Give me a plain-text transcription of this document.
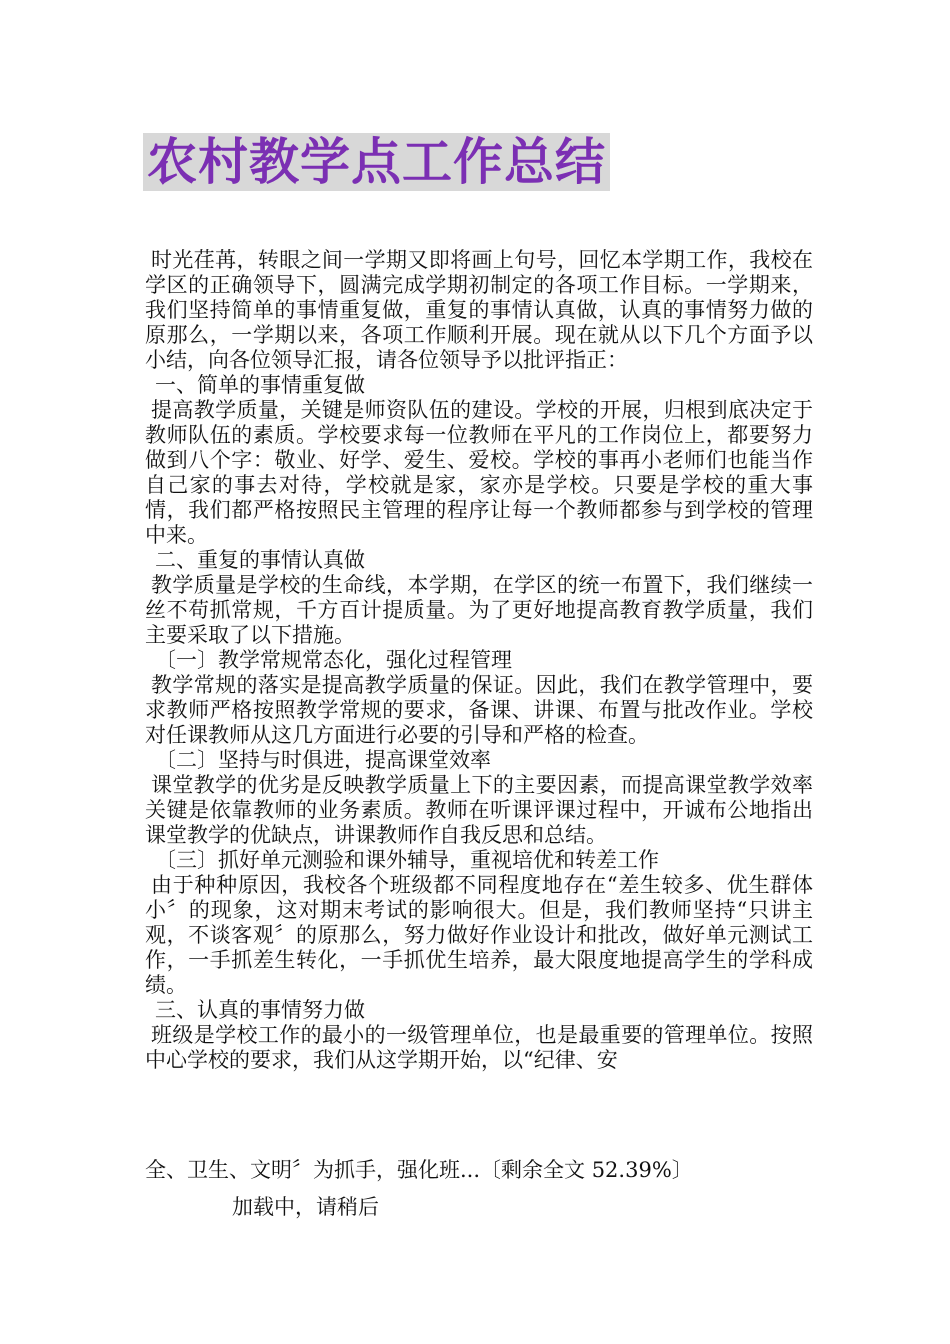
农村教学点工作总结

时光荏苒，转眼之间一学期又即将画上句号，回忆本学期工作，我校在学区的正确领导下，圆满完成学期初制定的各项工作目标。一学期来，我们坚持简单的事情重复做，重复的事情认真做，认真的事情努力做的原那么，一学期以来，各项工作顺利开展。现在就从以下几个方面予以小结，向各位领导汇报，请各位领导予以批评指正：

一、简单的事情重复做

提高教学质量，关键是师资队伍的建设。学校的开展，归根到底决定于教师队伍的素质。学校要求每一位教师在平凡的工作岗位上，都要努力做到八个字：敬业、好学、爱生、爱校。学校的事再小老师们也能当作自己家的事去对待，学校就是家，家亦是学校。只要是学校的重大事情，我们都严格按照民主管理的程序让每一个教师都参与到学校的管理中来。

二、重复的事情认真做

教学质量是学校的生命线，本学期，在学区的统一布置下，我们继续一丝不苟抓常规，千方百计提质量。为了更好地提高教育教学质量，我们主要采取了以下措施。

〔一〕教学常规常态化，强化过程管理

教学常规的落实是提高教学质量的保证。因此，我们在教学管理中，要求教师严格按照教学常规的要求，备课、讲课、布置与批改作业。学校对任课教师从这几方面进行必要的引导和严格的检查。

〔二〕坚持与时俱进，提高课堂效率

课堂教学的优劣是反映教学质量上下的主要因素，而提高课堂教学效率关键是依靠教师的业务素质。教师在听课评课过程中，开诚布公地指出课堂教学的优缺点，讲课教师作自我反思和总结。

〔三〕抓好单元测验和课外辅导，重视培优和转差工作

由于种种原因，我校各个班级都不同程度地存在“差生较多、优生群体小〞的现象，这对期末考试的影响很大。但是，我们教师坚持“只讲主观，不谈客观〞的原那么，努力做好作业设计和批改，做好单元测试工作，一手抓差生转化，一手抓优生培养，最大限度地提高学生的学科成绩。

三、认真的事情努力做

班级是学校工作的最小的一级管理单位，也是最重要的管理单位。按照中心学校的要求，我们从这学期开始，以“纪律、安

全、卫生、文明〞为抓手，强化班...〔剩余全文 52.39%〕
加载中，请稍后
